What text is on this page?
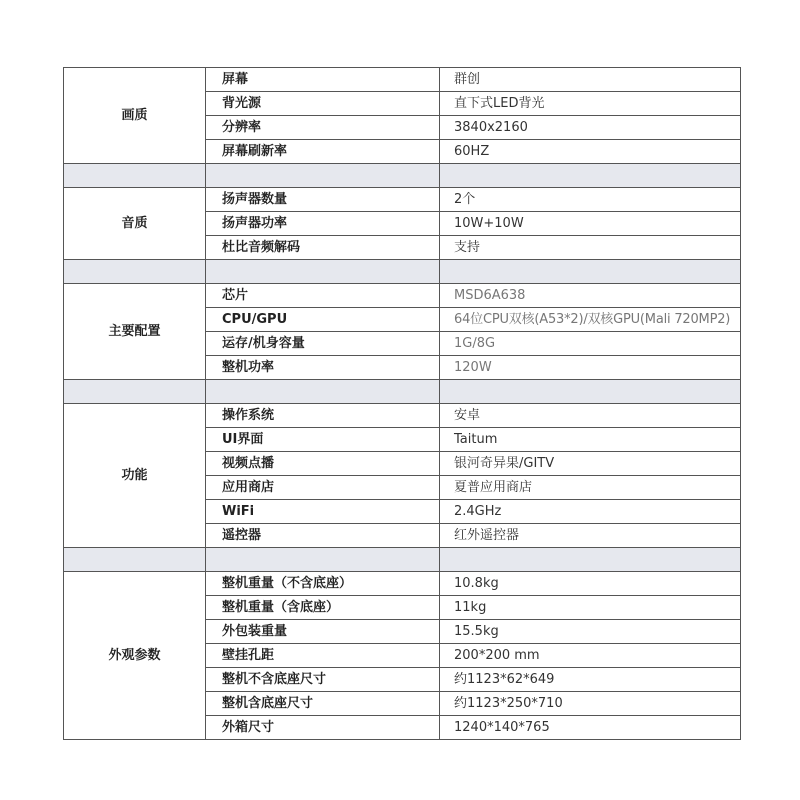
画质	屏幕	群创
	背光源	直下式LED背光
	分辨率	3840x2160
	屏幕刷新率	60HZ

音质	扬声器数量	2个
	扬声器功率	10W+10W
	杜比音频解码	支持

主要配置	芯片	MSD6A638
	CPU/GPU	64位CPU双核(A53*2)/双核GPU(Mali 720MP2)
	运存/机身容量	1G/8G
	整机功率	120W

功能	操作系统	安卓
	UI界面	Taitum
	视频点播	银河奇异果/GITV
	应用商店	夏普应用商店
	WiFi	2.4GHz
	遥控器	红外遥控器

外观参数	整机重量（不含底座）	10.8kg
	整机重量（含底座）	11kg
	外包装重量	15.5kg
	壁挂孔距	200*200 mm
	整机不含底座尺寸	约1123*62*649
	整机含底座尺寸	约1123*250*710
	外箱尺寸	1240*140*765
